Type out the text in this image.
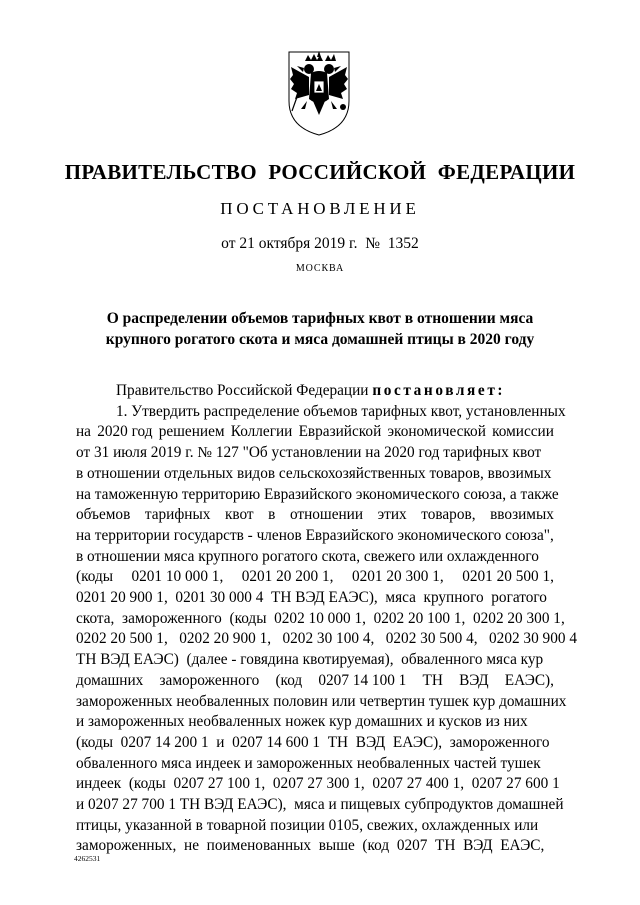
ПРАВИТЕЛЬСТВО РОССИЙСКОЙ ФЕДЕРАЦИИ
ПОСТАНОВЛЕНИЕ
от 21 октября 2019 г.  №  1352
МОСКВА
О распределении объемов тарифных квот в отношении мяса
крупного рогатого скота и мяса домашней птицы в 2020 году
Правительство Российской Федерации постановляет:
1. Утвердить распределение объемов тарифных квот, установленных
на 2020 год решением Коллегии Евразийской экономической комиссии
от 31 июля 2019 г. № 127 "Об установлении на 2020 год тарифных квот
в отношении отдельных видов сельскохозяйственных товаров, ввозимых
на таможенную территорию Евразийского экономического союза, а также
объемов тарифных квот в отношении этих товаров, ввозимых
на территории государств - членов Евразийского экономического союза",
в отношении мяса крупного рогатого скота, свежего или охлажденного
(коды 0201 10 000 1, 0201 20 200 1, 0201 20 300 1, 0201 20 500 1,
0201 20 900 1,  0201 30 000 4  ТН ВЭД ЕАЭС),  мяса  крупного  рогатого
скота,  замороженного  (коды  0202 10 000 1,  0202 20 100 1,  0202 20 300 1,
0202 20 500 1,   0202 20 900 1,   0202 30 100 4,   0202 30 500 4,   0202 30 900 4
ТН ВЭД ЕАЭС)  (далее - говядина квотируемая),  обваленного мяса кур
домашних замороженного (код 0207 14 100 1 ТН ВЭД ЕАЭС),
замороженных необваленных половин или четвертин тушек кур домашних
и замороженных необваленных ножек кур домашних и кусков из них
(коды  0207 14 200 1  и  0207 14 600 1  ТН  ВЭД  ЕАЭС),  замороженного
обваленного мяса индеек и замороженных необваленных частей тушек
индеек  (коды  0207 27 100 1,  0207 27 300 1,  0207 27 400 1,  0207 27 600 1
и 0207 27 700 1 ТН ВЭД ЕАЭС),  мяса и пищевых субпродуктов домашней
птицы, указанной в товарной позиции 0105, свежих, охлажденных или
замороженных,  не  поименованных  выше  (код  0207  ТН  ВЭД  ЕАЭС,
4262531
